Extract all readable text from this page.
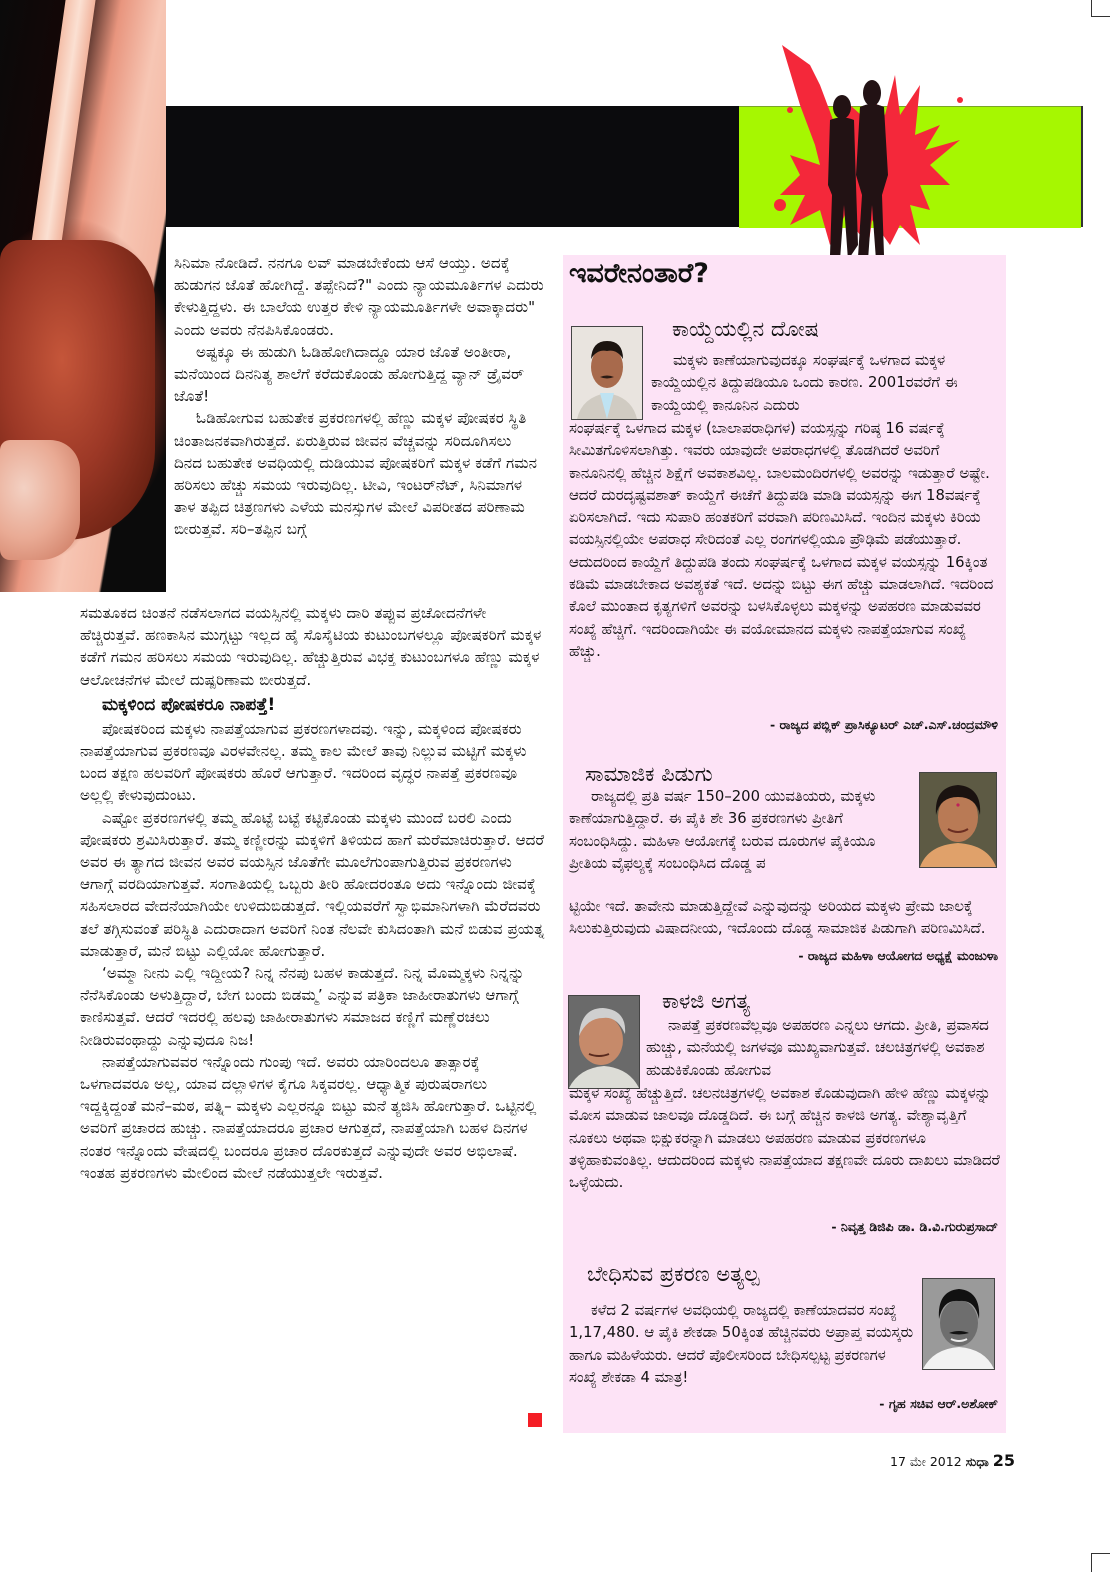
ಸಿನಿಮಾ ನೋಡಿದೆ. ನನಗೂ ಲವ್ ಮಾಡಬೇಕೆಂದು ಆಸೆ ಆಯ್ತು. ಅದಕ್ಕೆ ಹುಡುಗನ ಜೊತೆ ಹೋಗಿದ್ದೆ. ತಪ್ಪೇನಿದೆ?" ಎಂದು ನ್ಯಾಯಮೂರ್ತಿಗಳ ಎದುರು ಕೇಳುತ್ತಿದ್ದಳು. ಈ ಬಾಲೆಯ ಉತ್ತರ ಕೇಳಿ ನ್ಯಾಯಮೂರ್ತಿಗಳೇ ಅವಾಕ್ಕಾದರು" ಎಂದು ಅವರು ನೆನಪಿಸಿಕೊಂಡರು.

ಅಷ್ಟಕ್ಕೂ ಈ ಹುಡುಗಿ ಓಡಿಹೋಗಿದಾದ್ದೂ ಯಾರ ಜೊತೆ ಅಂತೀರಾ, ಮನೆಯಿಂದ ದಿನನಿತ್ಯ ಶಾಲೆಗೆ ಕರೆದುಕೊಂಡು ಹೋಗುತ್ತಿದ್ದ ವ್ಯಾನ್ ಡ್ರೈವರ್ ಜೊತೆ!

ಓಡಿಹೋಗುವ ಬಹುತೇಕ ಪ್ರಕರಣಗಳಲ್ಲಿ ಹೆಣ್ಣು ಮಕ್ಕಳ ಪೋಷಕರ ಸ್ಥಿತಿ ಚಿಂತಾಜನಕವಾಗಿರುತ್ತದೆ. ಏರುತ್ತಿರುವ ಜೀವನ ವೆಚ್ಚವನ್ನು ಸರಿದೂಗಿಸಲು ದಿನದ ಬಹುತೇಕ ಅವಧಿಯಲ್ಲಿ ದುಡಿಯುವ ಪೋಷಕರಿಗೆ ಮಕ್ಕಳ ಕಡೆಗೆ ಗಮನ ಹರಿಸಲು ಹೆಚ್ಚು ಸಮಯ ಇರುವುದಿಲ್ಲ. ಟೀವಿ, ಇಂಟರ್‌ನೆಟ್, ಸಿನಿಮಾಗಳ ತಾಳ ತಪ್ಪಿದ ಚಿತ್ರಣಗಳು ಎಳೆಯ ಮನಸ್ಸುಗಳ ಮೇಲೆ ವಿಪರೀತದ ಪರಿಣಾಮ ಬೀರುತ್ತವೆ. ಸರಿ–ತಪ್ಪಿನ ಬಗ್ಗೆ

ಸಮತೂಕದ ಚಿಂತನೆ ನಡೆಸಲಾಗದ ವಯಸ್ಸಿನಲ್ಲಿ ಮಕ್ಕಳು ದಾರಿ ತಪ್ಪುವ ಪ್ರಚೋದನೆಗಳೇ ಹೆಚ್ಚಿರುತ್ತವೆ. ಹಣಕಾಸಿನ ಮುಗ್ಗಟ್ಟು ಇಲ್ಲದ ಹೈ ಸೊಸೈಟಿಯ ಕುಟುಂಬಗಳಲ್ಲೂ ಪೋಷಕರಿಗೆ ಮಕ್ಕಳ ಕಡೆಗೆ ಗಮನ ಹರಿಸಲು ಸಮಯ ಇರುವುದಿಲ್ಲ. ಹೆಚ್ಚುತ್ತಿರುವ ವಿಭಕ್ತ ಕುಟುಂಬಗಳೂ ಹೆಣ್ಣು ಮಕ್ಕಳ ಆಲೋಚನೆಗಳ ಮೇಲೆ ದುಷ್ಪರಿಣಾಮ ಬೀರುತ್ತದೆ.

ಮಕ್ಕಳಿಂದ ಪೋಷಕರೂ ನಾಪತ್ತೆ!

ಪೋಷಕರಿಂದ ಮಕ್ಕಳು ನಾಪತ್ತೆಯಾಗುವ ಪ್ರಕರಣಗಳಾದವು. ಇನ್ನು, ಮಕ್ಕಳಿಂದ ಪೋಷಕರು ನಾಪತ್ತೆಯಾಗುವ ಪ್ರಕರಣವೂ ವಿರಳವೇನಲ್ಲ. ತಮ್ಮ ಕಾಲ ಮೇಲೆ ತಾವು ನಿಲ್ಲುವ ಮಟ್ಟಿಗೆ ಮಕ್ಕಳು ಬಂದ ತಕ್ಷಣ ಹಲವರಿಗೆ ಪೋಷಕರು ಹೊರೆ ಆಗುತ್ತಾರೆ. ಇದರಿಂದ ವೃದ್ಧರ ನಾಪತ್ತೆ ಪ್ರಕರಣವೂ ಅಲ್ಲಲ್ಲಿ ಕೇಳುವುದುಂಟು.

ಎಷ್ಟೋ ಪ್ರಕರಣಗಳಲ್ಲಿ ತಮ್ಮ ಹೊಟ್ಟೆ ಬಟ್ಟೆ ಕಟ್ಟಿಕೊಂಡು ಮಕ್ಕಳು ಮುಂದೆ ಬರಲಿ ಎಂದು ಪೋಷಕರು ಶ್ರಮಿಸಿರುತ್ತಾರೆ. ತಮ್ಮ ಕಣ್ಣೀರನ್ನು ಮಕ್ಕಳಿಗೆ ತಿಳಿಯದ ಹಾಗೆ ಮರೆಮಾಚಿರುತ್ತಾರೆ. ಆದರೆ ಅವರ ಈ ತ್ಯಾಗದ ಜೀವನ ಅವರ ವಯಸ್ಸಿನ ಜೊತೆಗೇ ಮೂಲೆಗುಂಪಾಗುತ್ತಿರುವ ಪ್ರಕರಣಗಳು ಆಗಾಗ್ಗೆ ವರದಿಯಾಗುತ್ತವೆ. ಸಂಗಾತಿಯಲ್ಲಿ ಒಬ್ಬರು ತೀರಿ ಹೋದರಂತೂ ಅದು ಇನ್ನೊಂದು ಜೀವಕ್ಕೆ ಸಹಿಸಲಾರದ ವೇದನೆಯಾಗಿಯೇ ಉಳಿದುಬಿಡುತ್ತದೆ. ಇಲ್ಲಿಯವರೆಗೆ ಸ್ವಾಭಿಮಾನಿಗಳಾಗಿ ಮೆರೆದವರು ತಲೆ ತಗ್ಗಿಸುವಂತೆ ಪರಿಸ್ಥಿತಿ ಎದುರಾದಾಗ ಅವರಿಗೆ ನಿಂತ ನೆಲವೇ ಕುಸಿದಂತಾಗಿ ಮನೆ ಬಿಡುವ ಪ್ರಯತ್ನ ಮಾಡುತ್ತಾರೆ, ಮನೆ ಬಿಟ್ಟು ಎಲ್ಲಿಯೋ ಹೋಗುತ್ತಾರೆ.

‘ಅಮ್ಮಾ ನೀನು ಎಲ್ಲಿ ಇದ್ದೀಯ? ನಿನ್ನ ನೆನಪು ಬಹಳ ಕಾಡುತ್ತದೆ. ನಿನ್ನ ಮೊಮ್ಮಕ್ಕಳು ನಿನ್ನನ್ನು ನೆನೆಸಿಕೊಂಡು ಅಳುತ್ತಿದ್ದಾರೆ, ಬೇಗ ಬಂದು ಬಿಡಮ್ಮ’ ಎನ್ನುವ ಪತ್ರಿಕಾ ಜಾಹೀರಾತುಗಳು ಆಗಾಗ್ಗೆ ಕಾಣಿಸುತ್ತವೆ. ಆದರೆ ಇದರಲ್ಲಿ ಹಲವು ಜಾಹೀರಾತುಗಳು ಸಮಾಜದ ಕಣ್ಣಿಗೆ ಮಣ್ಣೆರಚಲು ನೀಡಿರುವಂಥಾದ್ದು ಎನ್ನುವುದೂ ನಿಜ!

ನಾಪತ್ತೆಯಾಗುವವರ ಇನ್ನೊಂದು ಗುಂಪು ಇದೆ. ಅವರು ಯಾರಿಂದಲೂ ತಾತ್ಸಾರಕ್ಕೆ ಒಳಗಾದವರೂ ಅಲ್ಲ, ಯಾವ ದಲ್ಲಾಳಿಗಳ ಕೈಗೂ ಸಿಕ್ಕವರಲ್ಲ. ಆಧ್ಯಾತ್ಮಿಕ ಪುರುಷರಾಗಲು ಇದ್ದಕ್ಕಿದ್ದಂತೆ ಮನೆ–ಮಠ, ಪತ್ನಿ– ಮಕ್ಕಳು ಎಲ್ಲರನ್ನೂ ಬಿಟ್ಟು ಮನೆ ತ್ಯಜಿಸಿ ಹೋಗುತ್ತಾರೆ. ಒಟ್ಟಿನಲ್ಲಿ ಅವರಿಗೆ ಪ್ರಚಾರದ ಹುಚ್ಚು. ನಾಪತ್ತೆಯಾದರೂ ಪ್ರಚಾರ ಆಗುತ್ತದೆ, ನಾಪತ್ತೆಯಾಗಿ ಬಹಳ ದಿನಗಳ ನಂತರ ಇನ್ನೊಂದು ವೇಷದಲ್ಲಿ ಬಂದರೂ ಪ್ರಚಾರ ದೊರಕುತ್ತದೆ ಎನ್ನುವುದೇ ಅವರ ಅಭಿಲಾಷೆ. ಇಂತಹ ಪ್ರಕರಣಗಳು ಮೇಲಿಂದ ಮೇಲೆ ನಡೆಯುತ್ತಲೇ ಇರುತ್ತವೆ.

ಇವರೇನಂತಾರೆ?
ಕಾಯ್ದೆಯಲ್ಲಿನ ದೋಷ

ಮಕ್ಕಳು ಕಾಣೆಯಾಗುವುದಕ್ಕೂ ಸಂಘರ್ಷಕ್ಕೆ ಒಳಗಾದ ಮಕ್ಕಳ ಕಾಯ್ದೆಯಲ್ಲಿನ ತಿದ್ದುಪಡಿಯೂ ಒಂದು ಕಾರಣ. 2001ರವರೆಗೆ ಈ ಕಾಯ್ದೆಯಲ್ಲಿ ಕಾನೂನಿನ ಎದುರು

ಸಂಘರ್ಷಕ್ಕೆ ಒಳಗಾದ ಮಕ್ಕಳ (ಬಾಲಾಪರಾಧಿಗಳ) ವಯಸ್ಸನ್ನು ಗರಿಷ್ಠ 16 ವರ್ಷಕ್ಕೆ ಸೀಮಿತಗೊಳಿಸಲಾಗಿತ್ತು. ಇವರು ಯಾವುದೇ ಅಪರಾಧಗಳಲ್ಲಿ ತೊಡಗಿದರೆ ಅವರಿಗೆ ಕಾನೂನಿನಲ್ಲಿ ಹೆಚ್ಚಿನ ಶಿಕ್ಷೆಗೆ ಅವಕಾಶವಿಲ್ಲ. ಬಾಲಮಂದಿರಗಳಲ್ಲಿ ಅವರನ್ನು ಇಡುತ್ತಾರೆ ಅಷ್ಟೇ. ಆದರೆ ದುರದೃಷ್ಟವಶಾತ್ ಕಾಯ್ದೆಗೆ ಈಚೆಗೆ ತಿದ್ದುಪಡಿ ಮಾಡಿ ವಯಸ್ಸನ್ನು ಈಗ 18ವರ್ಷಕ್ಕೆ ಏರಿಸಲಾಗಿದೆ. ಇದು ಸುಪಾರಿ ಹಂತಕರಿಗೆ ವರವಾಗಿ ಪರಿಣಮಿಸಿದೆ. ಇಂದಿನ ಮಕ್ಕಳು ಕಿರಿಯ ವಯಸ್ಸಿನಲ್ಲಿಯೇ ಅಪರಾಧ ಸೇರಿದಂತೆ ಎಲ್ಲ ರಂಗಗಳಲ್ಲಿಯೂ ಪ್ರೌಢಿಮೆ ಪಡೆಯುತ್ತಾರೆ. ಆದುದರಿಂದ ಕಾಯ್ದೆಗೆ ತಿದ್ದುಪಡಿ ತಂದು ಸಂಘರ್ಷಕ್ಕೆ ಒಳಗಾದ ಮಕ್ಕಳ ವಯಸ್ಸನ್ನು 16ಕ್ಕಿಂತ ಕಡಿಮೆ ಮಾಡಬೇಕಾದ ಅವಶ್ಯಕತೆ ಇದೆ. ಅದನ್ನು ಬಿಟ್ಟು ಈಗ ಹೆಚ್ಚು ಮಾಡಲಾಗಿದೆ. ಇದರಿಂದ ಕೊಲೆ ಮುಂತಾದ ಕೃತ್ಯಗಳಿಗೆ ಅವರನ್ನು ಬಳಸಿಕೊಳ್ಳಲು ಮಕ್ಕಳನ್ನು ಅಪಹರಣ ಮಾಡುವವರ ಸಂಖ್ಯೆ ಹೆಚ್ಚಿಗೆ. ಇದರಿಂದಾಗಿಯೇ ಈ ವಯೋಮಾನದ ಮಕ್ಕಳು ನಾಪತ್ತೆಯಾಗುವ ಸಂಖ್ಯೆ ಹೆಚ್ಚು.

- ರಾಜ್ಯದ ಪಬ್ಲಿಕ್ ಪ್ರಾಸಿಕ್ಯೂಟರ್ ಎಚ್.ಎಸ್.ಚಂದ್ರಮೌಳಿ
ಸಾಮಾಜಿಕ ಪಿಡುಗು

ರಾಜ್ಯದಲ್ಲಿ ಪ್ರತಿ ವರ್ಷ 150–200 ಯುವತಿಯರು, ಮಕ್ಕಳು ಕಾಣೆಯಾಗುತ್ತಿದ್ದಾರೆ. ಈ ಪೈಕಿ ಶೇ 36 ಪ್ರಕರಣಗಳು ಪ್ರೀತಿಗೆ ಸಂಬಂಧಿಸಿದ್ದು. ಮಹಿಳಾ ಆಯೋಗಕ್ಕೆ ಬರುವ ದೂರುಗಳ ಪೈಕಿಯೂ ಪ್ರೀತಿಯ ವೈಫಲ್ಯಕ್ಕೆ ಸಂಬಂಧಿಸಿದ ದೊಡ್ಡ ಪ

ಟ್ಟಿಯೇ ಇದೆ. ತಾವೇನು ಮಾಡುತ್ತಿದ್ದೇವೆ ಎನ್ನುವುದನ್ನು ಅರಿಯದ ಮಕ್ಕಳು ಪ್ರೇಮ ಜಾಲಕ್ಕೆ ಸಿಲುಕುತ್ತಿರುವುದು ವಿಷಾದನೀಯ, ಇದೊಂದು ದೊಡ್ಡ ಸಾಮಾಜಿಕ ಪಿಡುಗಾಗಿ ಪರಿಣಮಿಸಿದೆ.

- ರಾಜ್ಯದ ಮಹಿಳಾ ಆಯೋಗದ ಅಧ್ಯಕ್ಷೆ ಮಂಜುಳಾ
ಕಾಳಜಿ ಅಗತ್ಯ

ನಾಪತ್ತೆ ಪ್ರಕರಣವೆಲ್ಲವೂ ಅಪಹರಣ ಎನ್ನಲು ಆಗದು. ಪ್ರೀತಿ, ಪ್ರವಾಸದ ಹುಚ್ಚು, ಮನೆಯಲ್ಲಿ ಜಗಳವೂ ಮುಖ್ಯವಾಗುತ್ತವೆ. ಚಲಚಿತ್ರಗಳಲ್ಲಿ ಅವಕಾಶ ಹುಡುಕಿಕೊಂಡು ಹೋಗುವ

ಮಕ್ಕಳ ಸಂಖ್ಯೆ ಹೆಚ್ಚುತ್ತಿದೆ. ಚಲನಚಿತ್ರಗಳಲ್ಲಿ ಅವಕಾಶ ಕೊಡುವುದಾಗಿ ಹೇಳಿ ಹೆಣ್ಣು ಮಕ್ಕಳನ್ನು ಮೋಸ ಮಾಡುವ ಜಾಲವೂ ದೊಡ್ಡದಿದೆ. ಈ ಬಗ್ಗೆ ಹೆಚ್ಚಿನ ಕಾಳಜಿ ಅಗತ್ಯ. ವೇಶ್ಯಾವೃತ್ತಿಗೆ ನೂಕಲು ಅಥವಾ ಭಿಕ್ಷುಕರನ್ನಾಗಿ ಮಾಡಲು ಅಪಹರಣ ಮಾಡುವ ಪ್ರಕರಣಗಳೂ ತಳ್ಳಿಹಾಕುವಂತಿಲ್ಲ. ಆದುದರಿಂದ ಮಕ್ಕಳು ನಾಪತ್ತೆಯಾದ ತಕ್ಷಣವೇ ದೂರು ದಾಖಲು ಮಾಡಿದರೆ ಒಳ್ಳೆಯದು.

- ನಿವೃತ್ತ ಡಿಜಿಪಿ ಡಾ. ಡಿ.ವಿ.ಗುರುಪ್ರಸಾದ್
ಬೇಧಿಸುವ ಪ್ರಕರಣ ಅತ್ಯಲ್ಪ

ಕಳೆದ 2 ವರ್ಷಗಳ ಅವಧಿಯಲ್ಲಿ ರಾಜ್ಯದಲ್ಲಿ ಕಾಣೆಯಾದವರ ಸಂಖ್ಯೆ 1,17,480. ಆ ಪೈಕಿ ಶೇಕಡಾ 50ಕ್ಕಿಂತ ಹೆಚ್ಚಿನವರು ಅಪ್ರಾಪ್ತ ವಯಸ್ಕರು ಹಾಗೂ ಮಹಿಳೆಯರು. ಆದರೆ ಪೊಲೀಸರಿಂದ ಬೇಧಿಸಲ್ಪಟ್ಟ ಪ್ರಕರಣಗಳ ಸಂಖ್ಯೆ ಶೇಕಡಾ 4 ಮಾತ್ರ!

- ಗೃಹ ಸಚಿವ ಆರ್.ಅಶೋಕ್
17 ಮೇ 2012 ಸುಧಾ 25
